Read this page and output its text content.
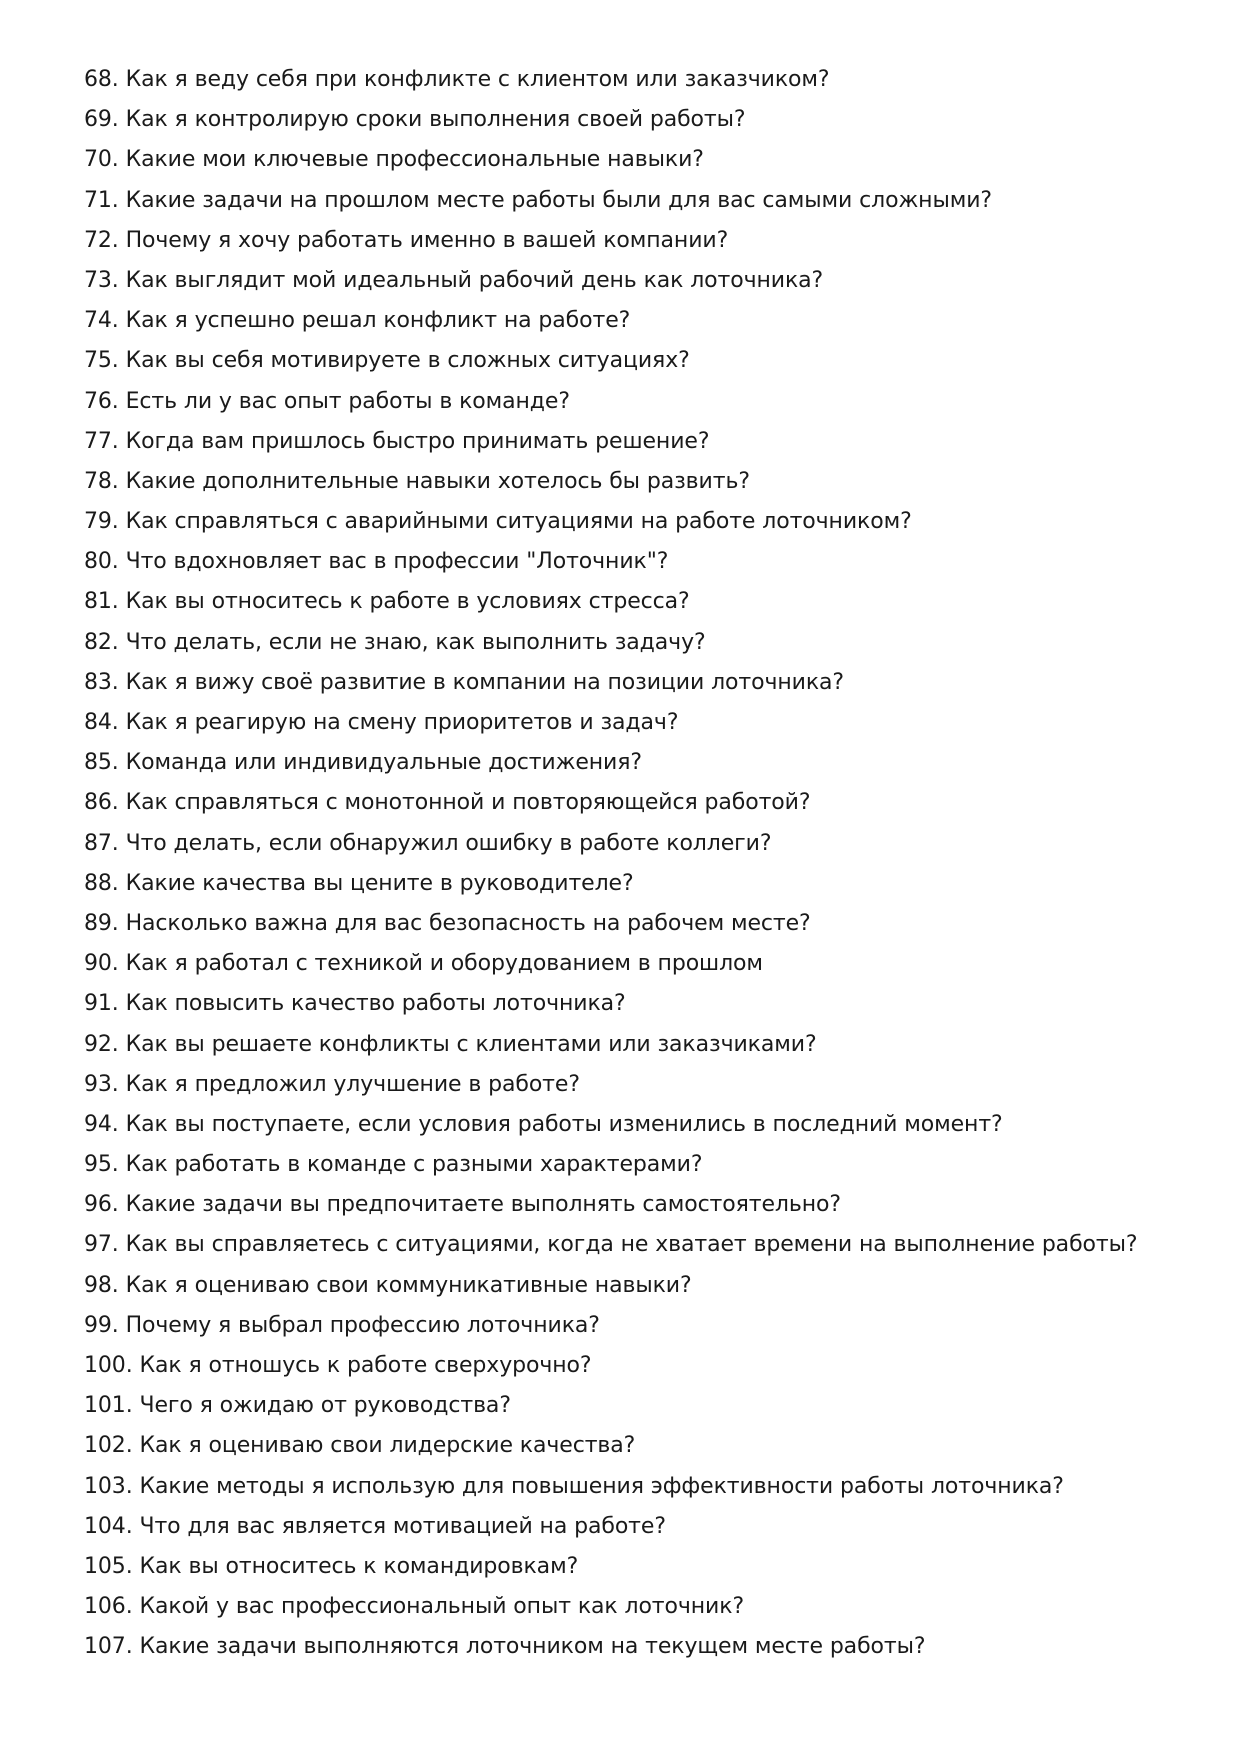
68. Как я веду себя при конфликте с клиентом или заказчиком?
69. Как я контролирую сроки выполнения своей работы?
70. Какие мои ключевые профессиональные навыки?
71. Какие задачи на прошлом месте работы были для вас самыми сложными?
72. Почему я хочу работать именно в вашей компании?
73. Как выглядит мой идеальный рабочий день как лоточника?
74. Как я успешно решал конфликт на работе?
75. Как вы себя мотивируете в сложных ситуациях?
76. Есть ли у вас опыт работы в команде?
77. Когда вам пришлось быстро принимать решение?
78. Какие дополнительные навыки хотелось бы развить?
79. Как справляться с аварийными ситуациями на работе лоточником?
80. Что вдохновляет вас в профессии "Лоточник"?
81. Как вы относитесь к работе в условиях стресса?
82. Что делать, если не знаю, как выполнить задачу?
83. Как я вижу своё развитие в компании на позиции лоточника?
84. Как я реагирую на смену приоритетов и задач?
85. Команда или индивидуальные достижения?
86. Как справляться с монотонной и повторяющейся работой?
87. Что делать, если обнаружил ошибку в работе коллеги?
88. Какие качества вы цените в руководителе?
89. Насколько важна для вас безопасность на рабочем месте?
90. Как я работал с техникой и оборудованием в прошлом
91. Как повысить качество работы лоточника?
92. Как вы решаете конфликты с клиентами или заказчиками?
93. Как я предложил улучшение в работе?
94. Как вы поступаете, если условия работы изменились в последний момент?
95. Как работать в команде с разными характерами?
96. Какие задачи вы предпочитаете выполнять самостоятельно?
97. Как вы справляетесь с ситуациями, когда не хватает времени на выполнение работы?
98. Как я оцениваю свои коммуникативные навыки?
99. Почему я выбрал профессию лоточника?
100. Как я отношусь к работе сверхурочно?
101. Чего я ожидаю от руководства?
102. Как я оцениваю свои лидерские качества?
103. Какие методы я использую для повышения эффективности работы лоточника?
104. Что для вас является мотивацией на работе?
105. Как вы относитесь к командировкам?
106. Какой у вас профессиональный опыт как лоточник?
107. Какие задачи выполняются лоточником на текущем месте работы?
